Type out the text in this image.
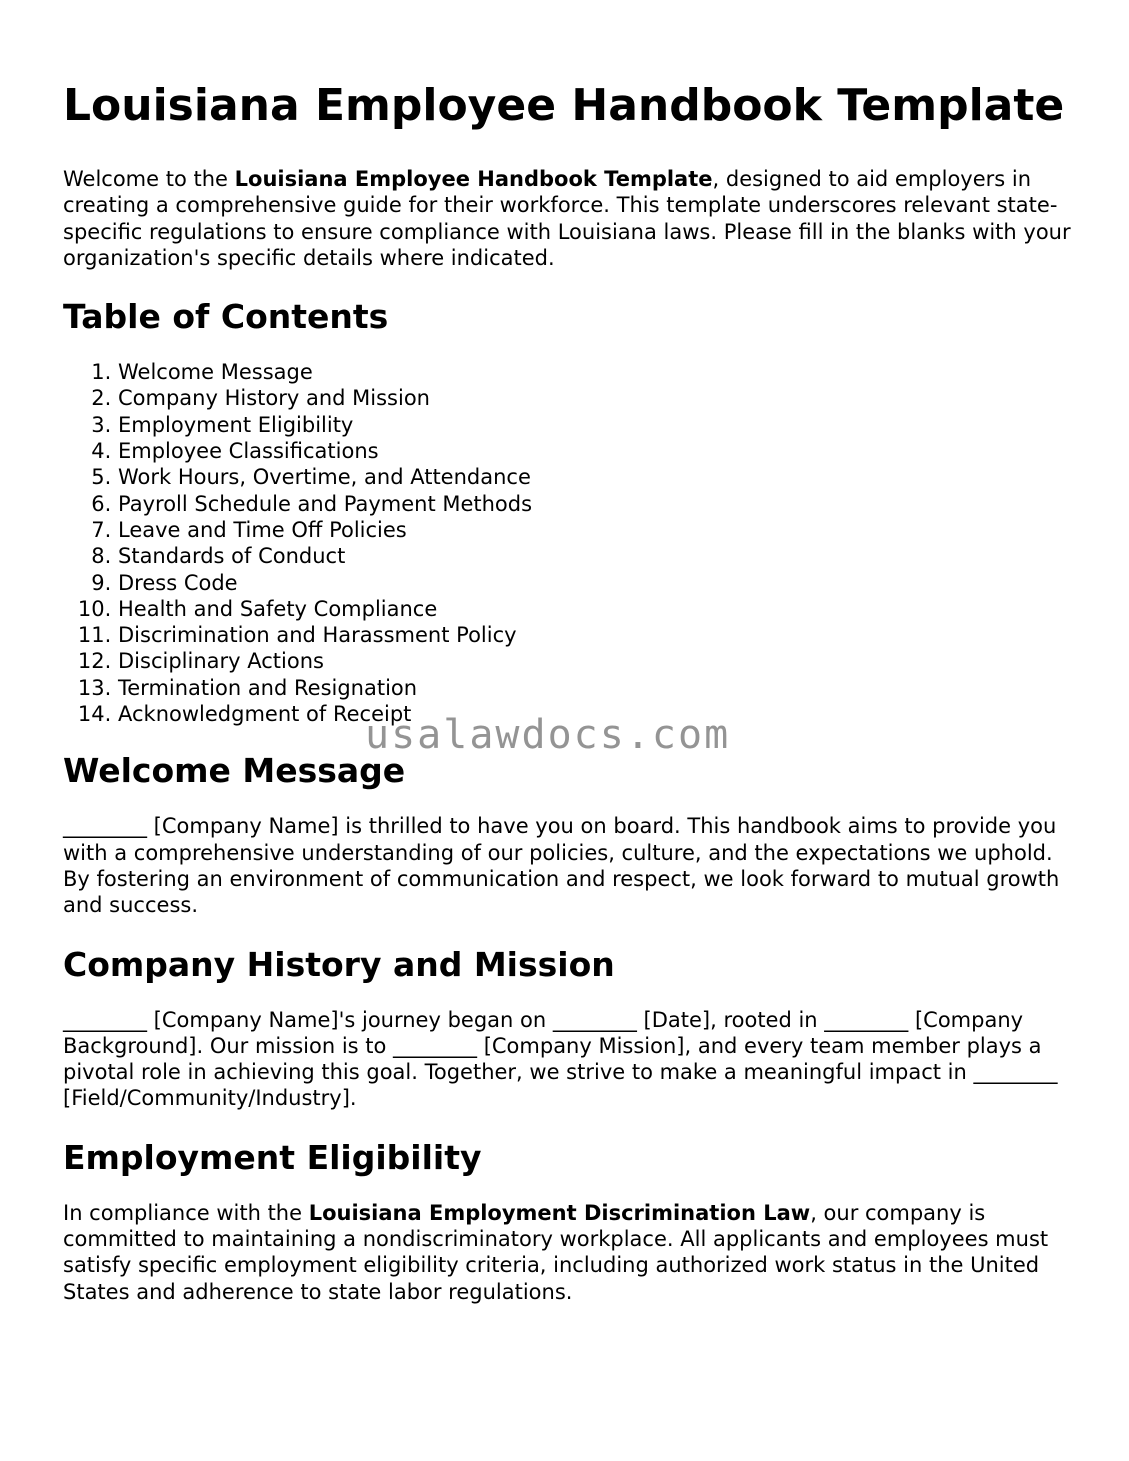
Louisiana Employee Handbook Template

Welcome to the Louisiana Employee Handbook Template, designed to aid employers in creating a comprehensive guide for their workforce. This template underscores relevant state-specific regulations to ensure compliance with Louisiana laws. Please fill in the blanks with your organization's specific details where indicated.

Table of Contents
1. Welcome Message
2. Company History and Mission
3. Employment Eligibility
4. Employee Classifications
5. Work Hours, Overtime, and Attendance
6. Payroll Schedule and Payment Methods
7. Leave and Time Off Policies
8. Standards of Conduct
9. Dress Code
10. Health and Safety Compliance
11. Discrimination and Harassment Policy
12. Disciplinary Actions
13. Termination and Resignation
14. Acknowledgment of Receipt
Welcome Message

________ [Company Name] is thrilled to have you on board. This handbook aims to provide you with a comprehensive understanding of our policies, culture, and the expectations we uphold. By fostering an environment of communication and respect, we look forward to mutual growth and success.

Company History and Mission

________ [Company Name]'s journey began on ________ [Date], rooted in ________ [Company Background]. Our mission is to ________ [Company Mission], and every team member plays a pivotal role in achieving this goal. Together, we strive to make a meaningful impact in ________ [Field/Community/Industry].

Employment Eligibility

In compliance with the Louisiana Employment Discrimination Law, our company is committed to maintaining a nondiscriminatory workplace. All applicants and employees must satisfy specific employment eligibility criteria, including authorized work status in the United States and adherence to state labor regulations.

usalawdocs.com
